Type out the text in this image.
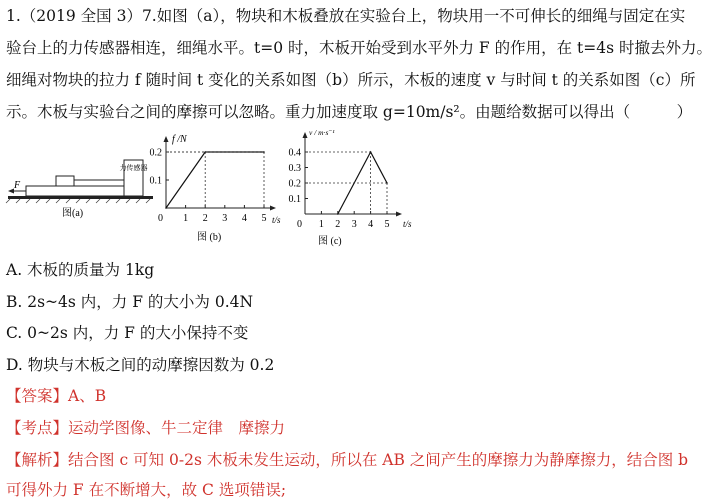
1.（2019 全国 3）7.如图（a），物块和木板叠放在实验台上，物块用一不可伸长的细绳与固定在实
验台上的力传感器相连，细绳水平。t=0 时，木板开始受到水平外力 F 的作用，在 t=4s 时撤去外力。
细绳对物块的拉力 f 随时间 t 变化的关系如图（b）所示，木板的速度 v 与时间 t 的关系如图（c）所
示。木板与实验台之间的摩擦可以忽略。重力加速度取 g=10m/s²。由题给数据可以得出（　　　）
力传感器
F
图(a)
f /N
t/s
0 1 2 3 4 5
0.1
0.2
图 (b)
v / m·s⁻¹
t/s
0 1 2 3 4 5
0.1
0.2
0.3
0.4
图 (c)
A. 木板的质量为 1kg
B. 2s~4s 内，力 F 的大小为 0.4N
C. 0~2s 内，力 F 的大小保持不变
D. 物块与木板之间的动摩擦因数为 0.2
【答案】A、B
【考点】运动学图像、牛二定律　摩擦力
【解析】结合图 c 可知 0-2s 木板未发生运动，所以在 AB 之间产生的摩擦力为静摩擦力，结合图 b
可得外力 F 在不断增大，故 C 选项错误;
